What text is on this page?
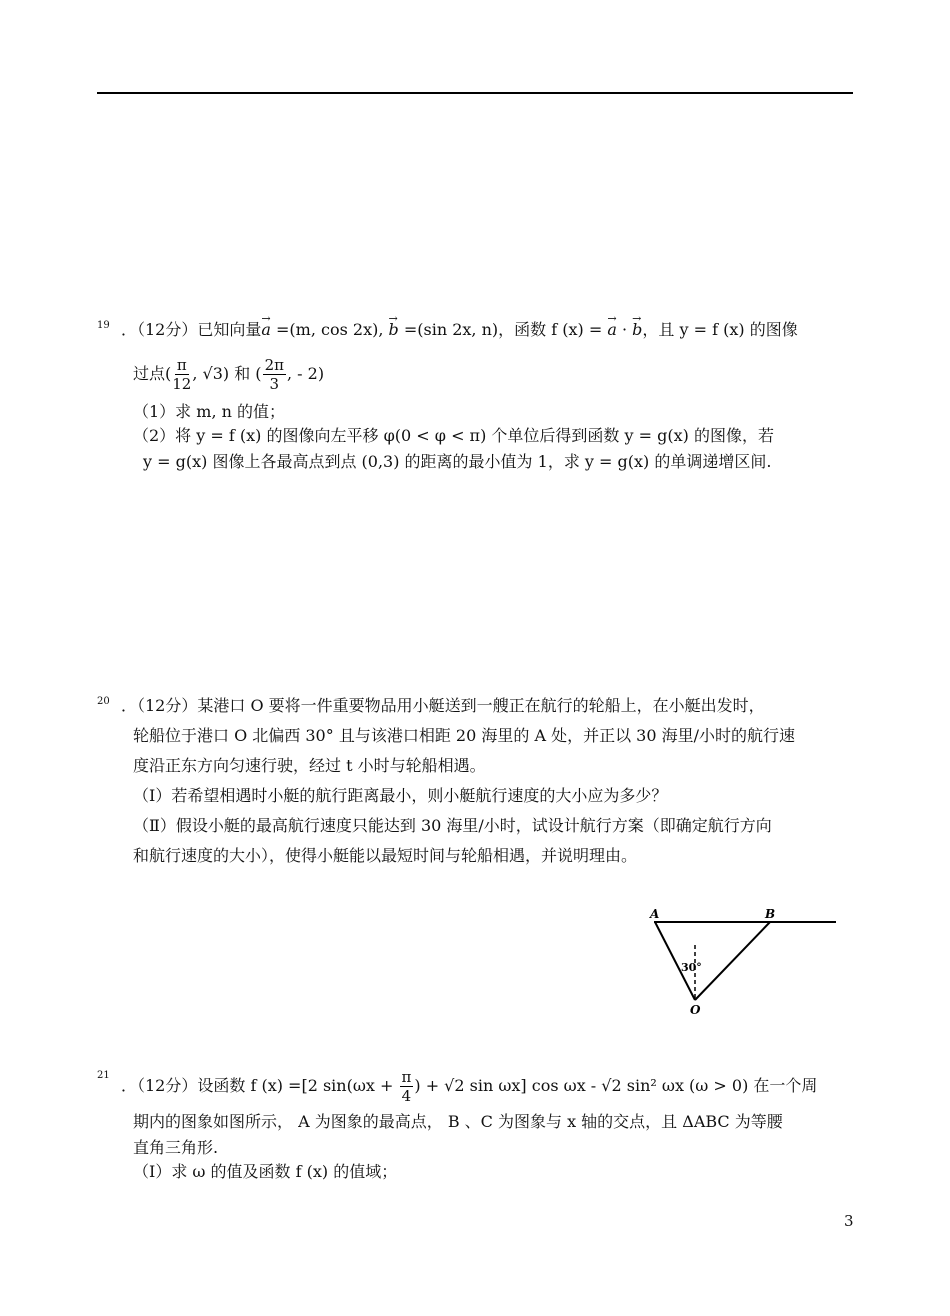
19 ．（12分）已知向量→ a =(m, cos 2x), → b =(sin 2x, n)，函数 f (x) = → a · → b，且 y = f (x) 的图像
过点( $\frac{\pi}{12}$ , √3) 和 ( $\frac{2\pi}{3}$ , - 2)
（1）求 m, n 的值；
（2）将 y = f (x) 的图像向左平移 φ(0 < φ < π) 个单位后得到函数 y = g(x) 的图像，若
y = g(x) 图像上各最高点到点 (0,3) 的距离的最小值为 1，求 y = g(x) 的单调递增区间.
20 ．（12分）某港口 O 要将一件重要物品用小艇送到一艘正在航行的轮船上，在小艇出发时，
轮船位于港口 O 北偏西 30° 且与该港口相距 20 海里的 A 处，并正以 30 海里/小时的航行速
度沿正东方向匀速行驶，经过 t 小时与轮船相遇。
（Ⅰ）若希望相遇时小艇的航行距离最小，则小艇航行速度的大小应为多少？
（Ⅱ）假设小艇的最高航行速度只能达到 30 海里/小时，试设计航行方案（即确定航行方向
和航行速度的大小），使得小艇能以最短时间与轮船相遇，并说明理由。
A	B
O
30°
21
．（12分）设函数 f (x) =[2 $\sin(\omega x + \frac{\pi}{4}$ ) + √2 sin ωx] cos ωx - √2 sin² ωx (ω > 0) 在一个周
期内的图象如图所示， A 为图象的最高点， B 、C 为图象与 x 轴的交点，且 ΔABC 为等腰
直角三角形.
（Ⅰ）求 ω 的值及函数 f (x) 的值域；
3
